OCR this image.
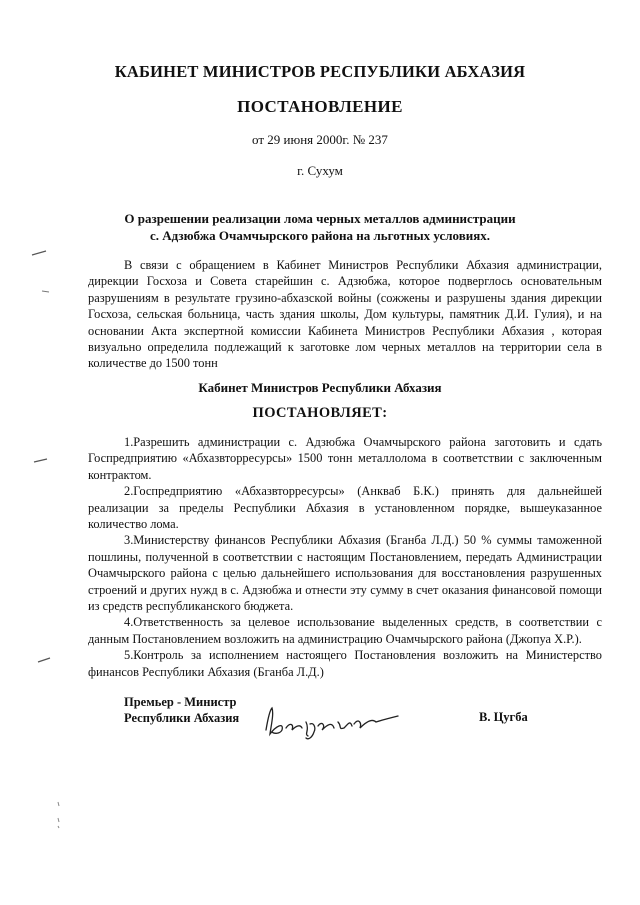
КАБИНЕТ МИНИСТРОВ РЕСПУБЛИКИ АБХАЗИЯ
ПОСТАНОВЛЕНИЕ
от 29 июня 2000г. № 237
г. Сухум
О разрешении реализации лома черных металлов администрации
с. Адзюбжа Очамчырского района на льготных условиях.

В связи с обращением в Кабинет Министров Республики Абхазия администрации, дирекции Госхоза и Совета старейшин с. Адзюбжа, которое подверглось основательным разрушениям в результате грузино-абхазской войны (сожжены и разрушены здания дирекции Госхоза, сельская больница, часть здания школы, Дом культуры, памятник Д.И. Гулия), и на основании Акта экспертной комиссии Кабинета Министров Республики Абхазия , которая визуально определила подлежащий к заготовке лом черных металлов на территории села в количестве до 1500 тонн

Кабинет Министров Республики Абхазия
ПОСТАНОВЛЯЕТ:

1.Разрешить администрации с. Адзюбжа Очамчырского района заготовить и сдать Госпредприятию «Абхазвторресурсы» 1500 тонн металлолома в соответствии с заключенным контрактом.

2.Госпредприятию «Абхазвторресурсы» (Анкваб Б.К.) принять для дальнейшей реализации за пределы Республики Абхазия в установленном порядке, вышеуказанное количество лома.

3.Министерству финансов Республики Абхазия (Бганба Л.Д.) 50 % суммы таможенной пошлины, полученной в соответствии с настоящим Постановлением, передать Администрации Очамчырского района с целью дальнейшего использования для восстановления разрушенных строений и других нужд в с. Адзюбжа и отнести эту сумму в счет оказания финансовой помощи из средств республиканского бюджета.

4.Ответственность за целевое использование выделенных средств, в соответствии с данным Постановлением возложить на администрацию Очамчырского района (Джопуа Х.Р.).

5.Контроль за исполнением настоящего Постановления возложить на Министерство финансов Республики Абхазия (Бганба Л.Д.)

Премьер - Министр
Республики Абхазия	В. Цугба
